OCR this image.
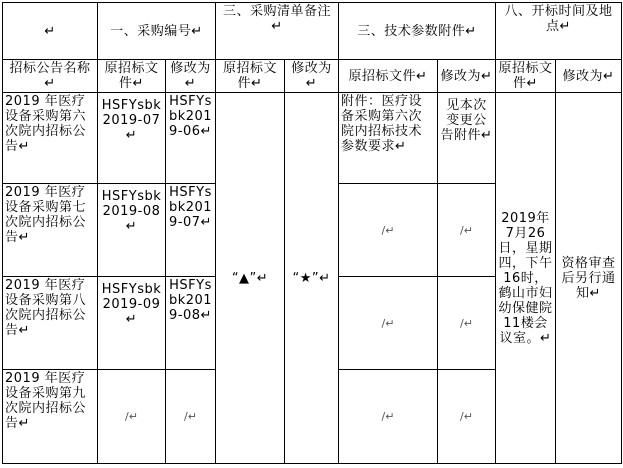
↵	一、采购编号↵		三、采购清单备注↵		三、技术参数附件↵		八、开标时间及地点↵	
招标公告名称↵	原招标文件↵	修改为↵	原招标文件↵	修改为↵	原招标文件↵	修改为↵	原招标文件↵	修改为↵
2019 年医疗设备采购第六次院内招标公告↵	HSFYsbk2019-07↵	HSFYsbk2019-06↵	“▲”↵	“★”↵	附件：医疗设备采购第六次院内招标技术参数要求↵	见本次变更公告附件↵	2019年7月26日，星期四，下午16时，鹤山市妇幼保健院11楼会议室。↵	资格审查后另行通知↵
2019 年医疗设备采购第七次院内招标公告↵	HSFYsbk2019-08↵	HSFYsbk2019-07↵			/↵	/↵		
2019 年医疗设备采购第八次院内招标公告↵	HSFYsbk2019-09↵	HSFYsbk2019-08↵			/↵	/↵		
2019 年医疗设备采购第九次院内招标公告↵	/↵	/↵			/↵	/↵		
